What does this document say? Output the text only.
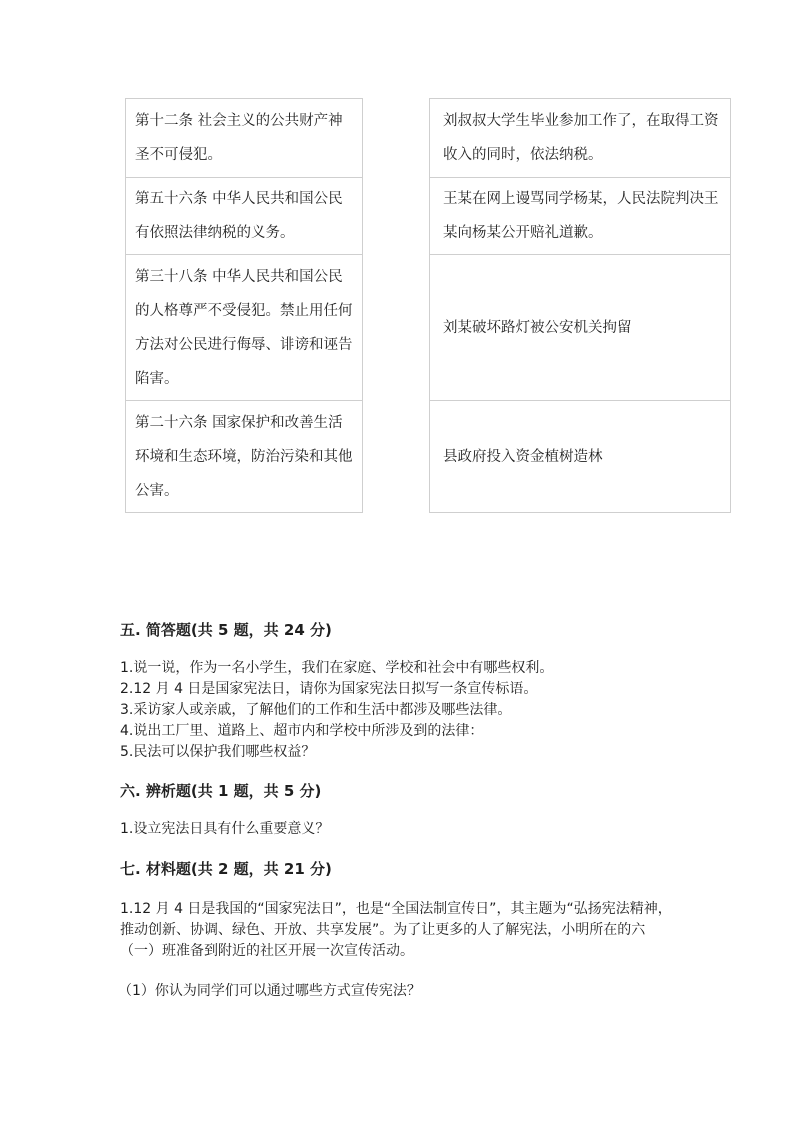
第十二条 社会主义的公共财产神圣不可侵犯。
第五十六条 中华人民共和国公民有依照法律纳税的义务。
第三十八条 中华人民共和国公民的人格尊严不受侵犯。禁止用任何方法对公民进行侮辱、诽谤和诬告陷害。
第二十六条 国家保护和改善生活环境和生态环境，防治污染和其他公害。
刘叔叔大学生毕业参加工作了，在取得工资收入的同时，依法纳税。
王某在网上谩骂同学杨某，人民法院判决王某向杨某公开赔礼道歉。
刘某破坏路灯被公安机关拘留
县政府投入资金植树造林
五. 简答题(共 5 题，共 24 分)
1.说一说，作为一名小学生，我们在家庭、学校和社会中有哪些权利。
2.12 月 4 日是国家宪法日，请你为国家宪法日拟写一条宣传标语。
3.采访家人或亲戚，了解他们的工作和生活中都涉及哪些法律。
4.说出工厂里、道路上、超市内和学校中所涉及到的法律：
5.民法可以保护我们哪些权益？
六. 辨析题(共 1 题，共 5 分)
1.设立宪法日具有什么重要意义？
七. 材料题(共 2 题，共 21 分)

1.12 月 4 日是我国的“国家宪法日”，也是“全国法制宣传日”，其主题为“弘扬宪法精神，推动创新、协调、绿色、开放、共享发展”。为了让更多的人了解宪法，小明所在的六（一）班准备到附近的社区开展一次宣传活动。

（1）你认为同学们可以通过哪些方式宣传宪法？
